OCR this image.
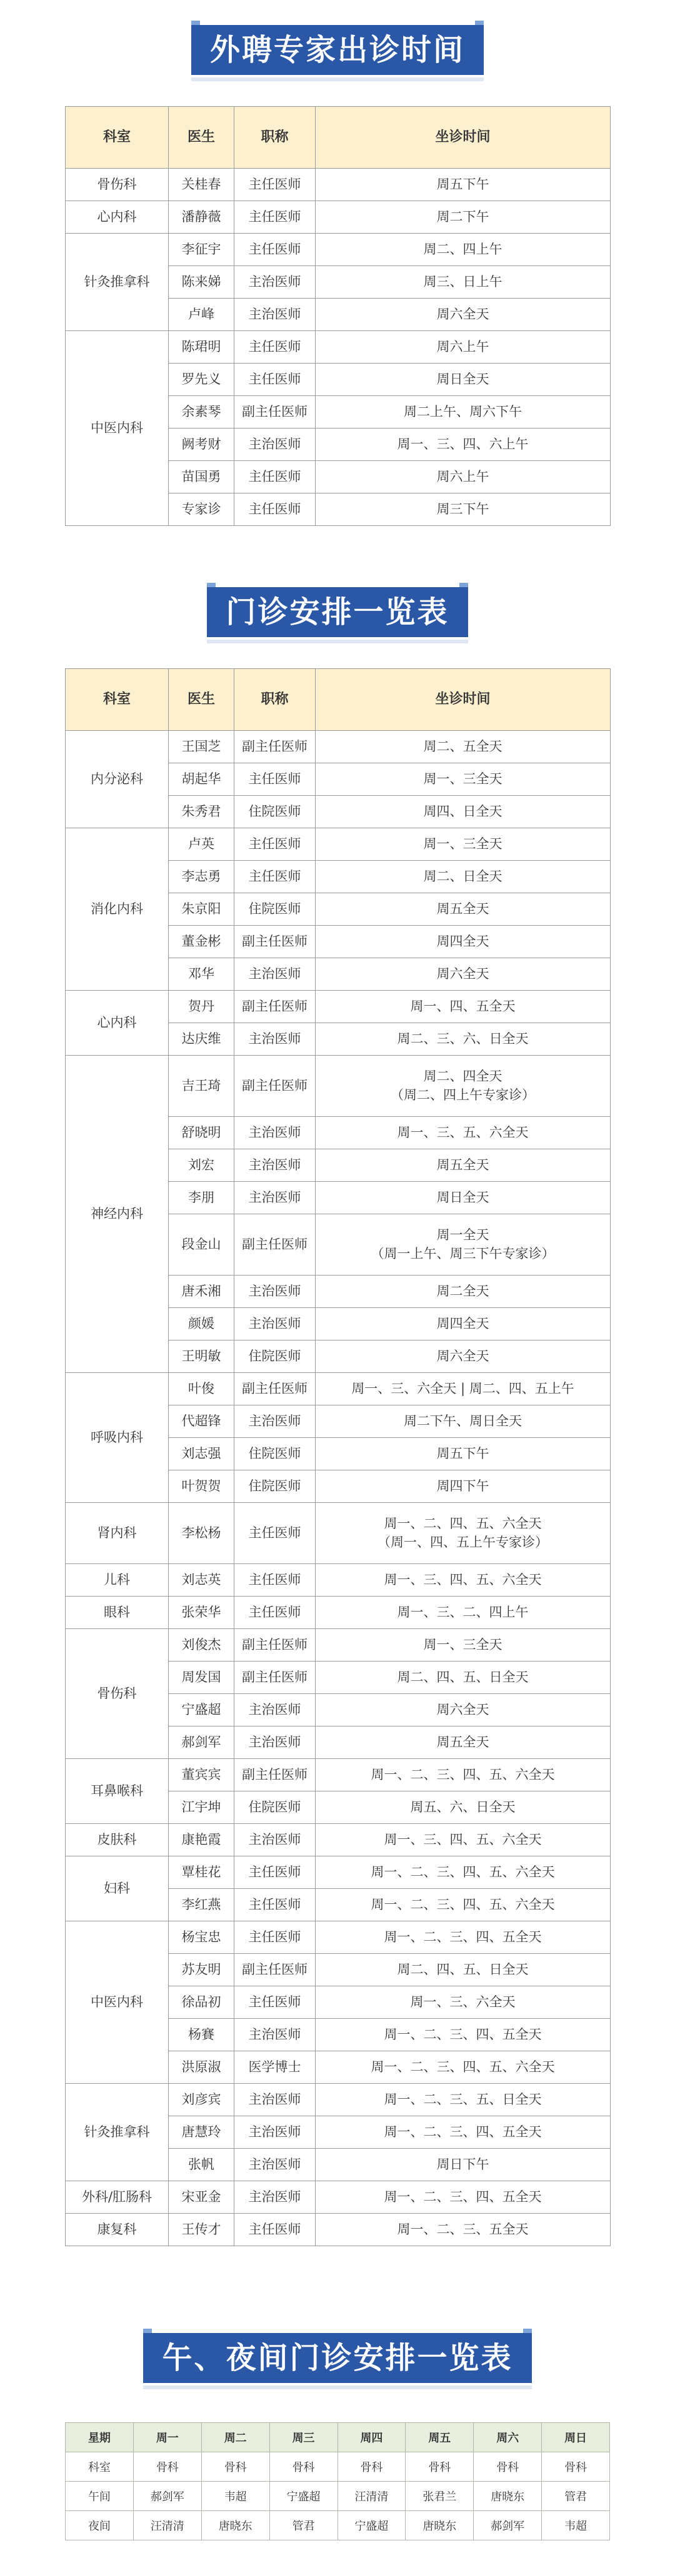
外聘专家出诊时间
科室	医生	职称	坐诊时间
骨伤科	关桂春	主任医师	周五下午
心内科	潘静薇	主任医师	周二下午
针灸推拿科	李征宇	主任医师	周二、四上午
	陈来娣	主治医师	周三、日上午
	卢峰	主治医师	周六全天
中医内科	陈珺明	主任医师	周六上午
	罗先义	主任医师	周日全天
	余素琴	副主任医师	周二上午、周六下午
	阙考财	主治医师	周一、三、四、六上午
	苗国勇	主任医师	周六上午
	专家诊	主任医师	周三下午
门诊安排一览表
科室	医生	职称	坐诊时间
内分泌科	王国芝	副主任医师	周二、五全天
	胡起华	主任医师	周一、三全天
	朱秀君	住院医师	周四、日全天
消化内科	卢英	主任医师	周一、三全天
	李志勇	主任医师	周二、日全天
	朱京阳	住院医师	周五全天
	董金彬	副主任医师	周四全天
	邓华	主治医师	周六全天
心内科	贺丹	副主任医师	周一、四、五全天
	达庆维	主治医师	周二、三、六、日全天
神经内科	吉王琦	副主任医师	周二、四全天
（周二、四上午专家诊）

	舒晓明	主治医师	周一、三、五、六全天
	刘宏	主治医师	周五全天
	李朋	主治医师	周日全天
	段金山	副主任医师	周一全天
（周一上午、周三下午专家诊）

	唐禾湘	主治医师	周二全天
	颜媛	主治医师	周四全天
	王明敏	住院医师	周六全天
呼吸内科	叶俊	副主任医师	周一、三、六全天 | 周二、四、五上午
	代超锋	主治医师	周二下午、周日全天
	刘志强	住院医师	周五下午
	叶贺贺	住院医师	周四下午
肾内科	李松杨	主任医师	周一、二、四、五、六全天
（周一、四、五上午专家诊）

儿科	刘志英	主任医师	周一、三、四、五、六全天
眼科	张荣华	主任医师	周一、三、二、四上午
骨伤科	刘俊杰	副主任医师	周一、三全天
	周发国	副主任医师	周二、四、五、日全天
	宁盛超	主治医师	周六全天
	郝剑军	主治医师	周五全天
耳鼻喉科	董宾宾	副主任医师	周一、二、三、四、五、六全天
	江宇坤	住院医师	周五、六、日全天
皮肤科	康艳霞	主治医师	周一、三、四、五、六全天
妇科	覃桂花	主任医师	周一、二、三、四、五、六全天
	李红燕	主任医师	周一、二、三、四、五、六全天
中医内科	杨宝忠	主任医师	周一、二、三、四、五全天
	苏友明	副主任医师	周二、四、五、日全天
	徐品初	主任医师	周一、三、六全天
	杨賽	主治医师	周一、二、三、四、五全天
	洪原淑	医学博士	周一、二、三、四、五、六全天
针灸推拿科	刘彦宾	主治医师	周一、二、三、五、日全天
	唐慧玲	主治医师	周一、二、三、四、五全天
	张帆	主治医师	周日下午
外科/肛肠科	宋亚金	主治医师	周一、二、三、四、五全天
康复科	王传才	主任医师	周一、二、三、五全天
午、夜间门诊安排一览表
星期	周一	周二	周三	周四	周五	周六	周日
科室	骨科	骨科	骨科	骨科	骨科	骨科	骨科
午间	郝剑军	韦超	宁盛超	汪清清	张君兰	唐晓东	管君
夜间	汪清清	唐晓东	管君	宁盛超	唐晓东	郝剑军	韦超
